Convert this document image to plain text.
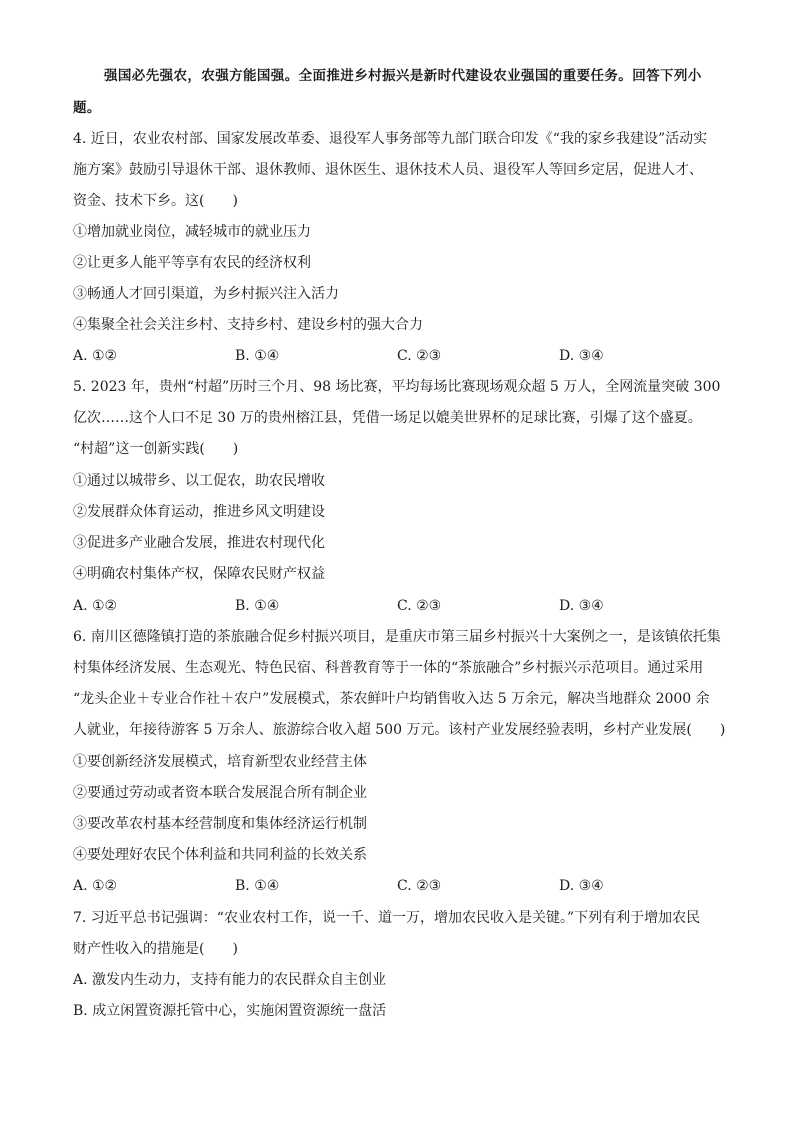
强国必先强农，农强方能国强。全面推进乡村振兴是新时代建设农业强国的重要任务。回答下列小
题。
4. 近日，农业农村部、国家发展改革委、退役军人事务部等九部门联合印发《“我的家乡我建设”活动实
施方案》鼓励引导退休干部、退休教师、退休医生、退休技术人员、退役军人等回乡定居，促进人才、
资金、技术下乡。这(　　)
①增加就业岗位，减轻城市的就业压力
②让更多人能平等享有农民的经济权利
③畅通人才回引渠道，为乡村振兴注入活力
④集聚全社会关注乡村、支持乡村、建设乡村的强大合力
A. ①②	B. ①④	C. ②③	D. ③④
5. 2023 年，贵州“村超”历时三个月、98 场比赛，平均每场比赛现场观众超 5 万人，全网流量突破 300
亿次……这个人口不足 30 万的贵州榕江县，凭借一场足以媲美世界杯的足球比赛，引爆了这个盛夏。
“村超”这一创新实践(　　)
①通过以城带乡、以工促农，助农民增收
②发展群众体育运动，推进乡风文明建设
③促进多产业融合发展，推进农村现代化
④明确农村集体产权，保障农民财产权益
A. ①②	B. ①④	C. ②③	D. ③④
6. 南川区德隆镇打造的茶旅融合促乡村振兴项目，是重庆市第三届乡村振兴十大案例之一，是该镇依托集
村集体经济发展、生态观光、特色民宿、科普教育等于一体的“茶旅融合”乡村振兴示范项目。通过采用
“龙头企业＋专业合作社＋农户”发展模式，茶农鲜叶户均销售收入达 5 万余元，解决当地群众 2000 余
人就业，年接待游客 5 万余人、旅游综合收入超 500 万元。该村产业发展经验表明，乡村产业发展(　　)
①要创新经济发展模式，培育新型农业经营主体
②要通过劳动或者资本联合发展混合所有制企业
③要改革农村基本经营制度和集体经济运行机制
④要处理好农民个体利益和共同利益的长效关系
A. ①②	B. ①④	C. ②③	D. ③④
7. 习近平总书记强调：“农业农村工作，说一千、道一万，增加农民收入是关键。”下列有利于增加农民
财产性收入的措施是(　　)
A. 激发内生动力，支持有能力的农民群众自主创业
B. 成立闲置资源托管中心，实施闲置资源统一盘活
